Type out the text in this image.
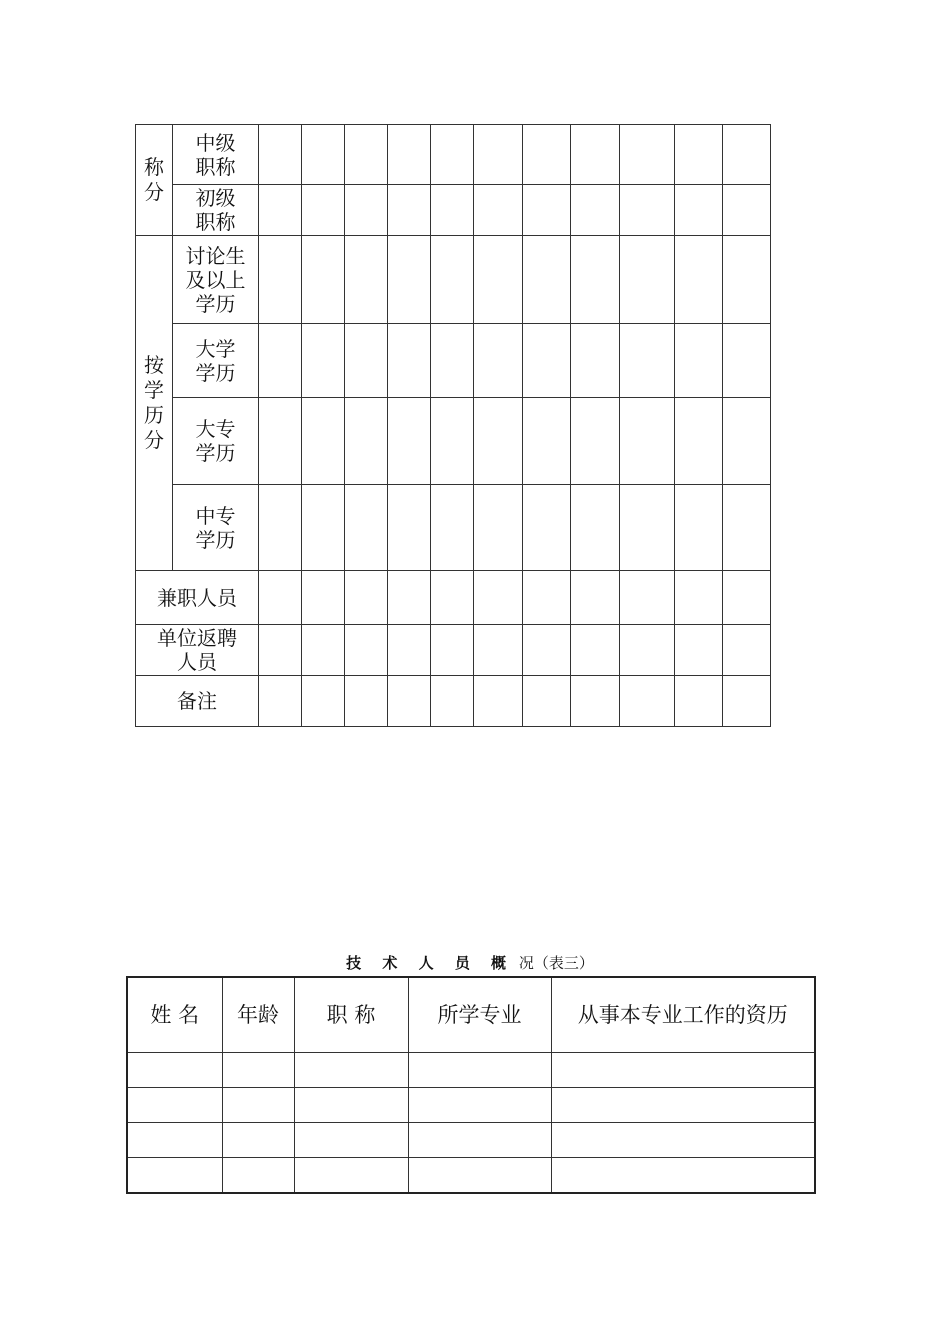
称分	中级
职称											
	初级
职称											

按学历分	讨论生
及以上
学历											
	大学
学历											
	大专
学历											
	中专
学历											
兼职人员												
单位返聘
人员												
备注												
技 术 人 员 概 况（表三）
姓 名	年龄	职 称	所学专业	从事本专业工作的资历
